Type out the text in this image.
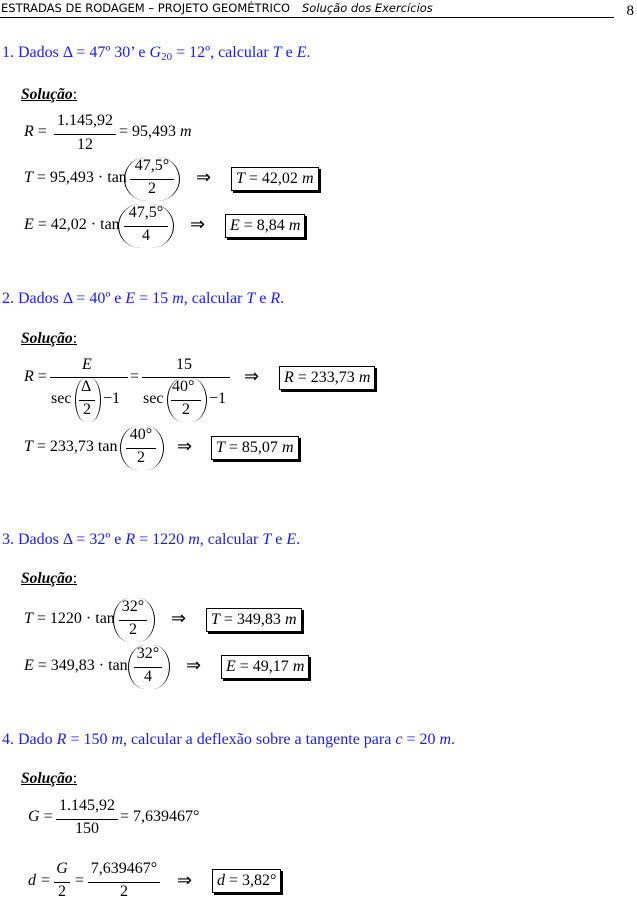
ESTRADAS DE RODAGEM – PROJETO GEOMÉTRICO Solução dos Exercícios	8
1. Dados Δ = 47º 30’ e $G_{20}$ = 12º, calcular T e E.
Solução:
R =
1.145,92
12
= 95,493 m
T = 95,493 · tan
47,5°
2
⇒	T = 42,02 m
E = 42,02 · tan
47,5°
4
⇒	E = 8,84 m
2. Dados Δ = 40º e E = 15 m, calcular T e R.
Solução:
R =
E
sec
Δ
2
−1
=
15
sec
40°
2
−1
⇒	R = 233,73 m
T = 233,73 tan
40°
2
⇒	T = 85,07 m
3. Dados Δ = 32º e R = 1220 m, calcular T e E.
Solução:
T = 1220 · tan
32°
2
⇒	T = 349,83 m
E = 349,83 · tan
32°
4
⇒	E = 49,17 m
4. Dado R = 150 m, calcular a deflexão sobre a tangente para c = 20 m.
Solução:
G =
1.145,92
150
= 7,639467°
d =
G
2
=
7,639467°
2
⇒	d = 3,82°
